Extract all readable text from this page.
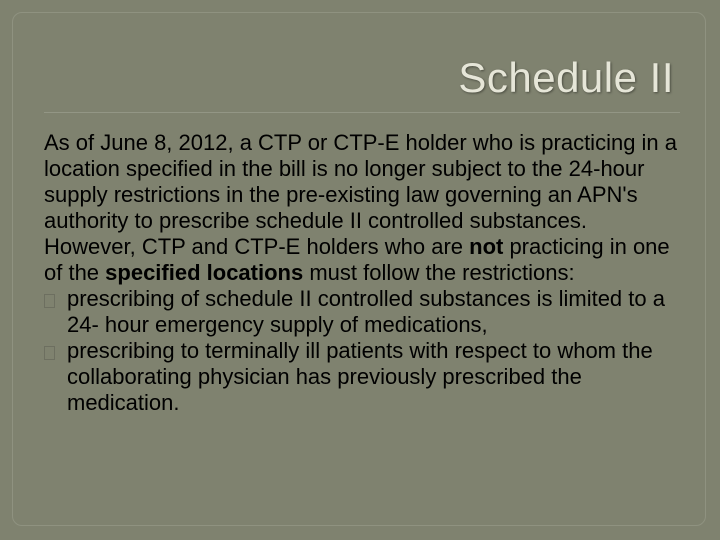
Schedule II

As of June 8, 2012, a CTP or CTP-E holder who is practicing in a location specified in the bill is no longer subject to the 24-hour supply restrictions in the pre-existing law governing an APN's authority to prescribe schedule II controlled substances. However, CTP and CTP-E holders who are not practicing in one of the specified locations must follow the restrictions:

prescribing of schedule II controlled substances is limited to a 24- hour emergency supply of medications,
prescribing to terminally ill patients with respect to whom the collaborating physician has previously prescribed the medication.
